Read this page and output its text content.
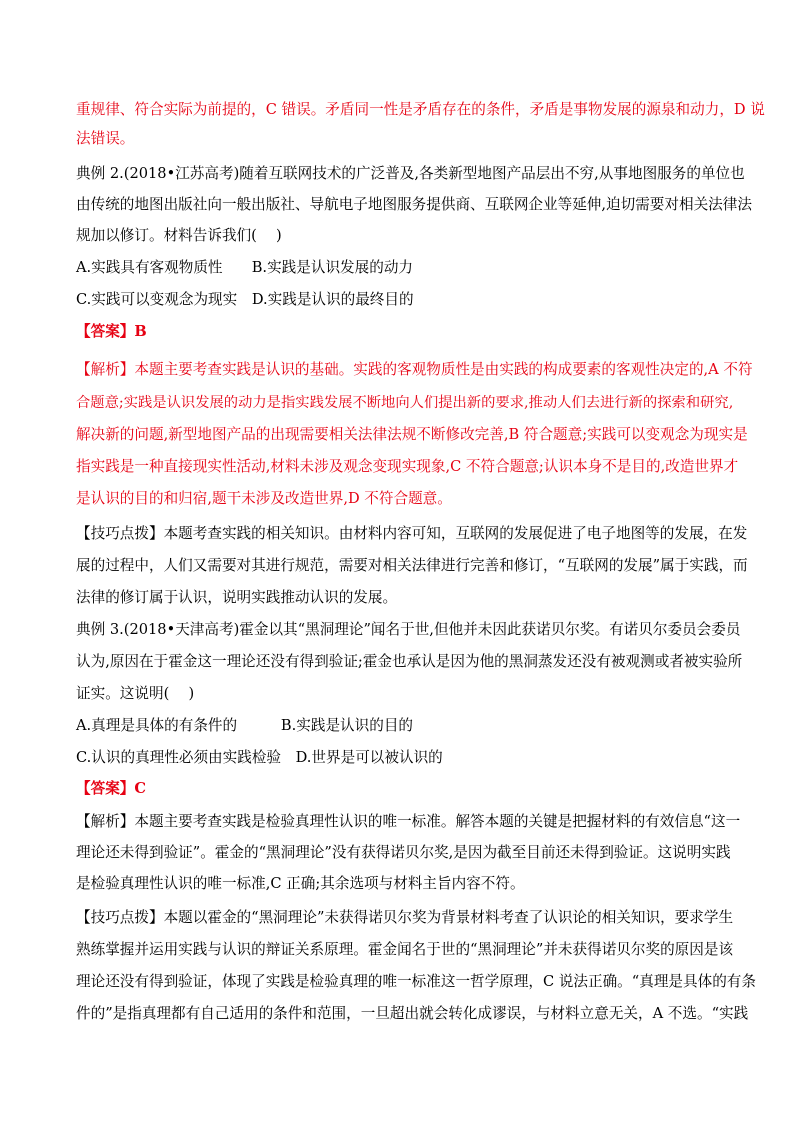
重规律、符合实际为前提的，C 错误。矛盾同一性是矛盾存在的条件，矛盾是事物发展的源泉和动力，D 说
法错误。
典例 2.(2018•江苏高考)随着互联网技术的广泛普及,各类新型地图产品层出不穷,从事地图服务的单位也
由传统的地图出版社向一般出版社、导航电子地图服务提供商、互联网企业等延伸,迫切需要对相关法律法
规加以修订。材料告诉我们(　 )
A.实践具有客观物质性　　B.实践是认识发展的动力
C.实践可以变观念为现实　D.实践是认识的最终目的
【答案】B
【解析】本题主要考查实践是认识的基础。实践的客观物质性是由实践的构成要素的客观性决定的,A 不符
合题意;实践是认识发展的动力是指实践发展不断地向人们提出新的要求,推动人们去进行新的探索和研究,
解决新的问题,新型地图产品的出现需要相关法律法规不断修改完善,B 符合题意;实践可以变观念为现实是
指实践是一种直接现实性活动,材料未涉及观念变现实现象,C 不符合题意;认识本身不是目的,改造世界才
是认识的目的和归宿,题干未涉及改造世界,D 不符合题意。
【技巧点拨】本题考查实践的相关知识。由材料内容可知，互联网的发展促进了电子地图等的发展，在发
展的过程中，人们又需要对其进行规范，需要对相关法律进行完善和修订，“互联网的发展”属于实践，而
法律的修订属于认识，说明实践推动认识的发展。
典例 3.(2018•天津高考)霍金以其“黑洞理论”闻名于世,但他并未因此获诺贝尔奖。有诺贝尔委员会委员
认为,原因在于霍金这一理论还没有得到验证;霍金也承认是因为他的黑洞蒸发还没有被观测或者被实验所
证实。这说明(　 )
A.真理是具体的有条件的　　　B.实践是认识的目的
C.认识的真理性必须由实践检验　D.世界是可以被认识的
【答案】C
【解析】本题主要考查实践是检验真理性认识的唯一标准。解答本题的关键是把握材料的有效信息“这一
理论还未得到验证”。霍金的“黑洞理论”没有获得诺贝尔奖,是因为截至目前还未得到验证。这说明实践
是检验真理性认识的唯一标准,C 正确;其余选项与材料主旨内容不符。
【技巧点拨】本题以霍金的“黑洞理论”未获得诺贝尔奖为背景材料考查了认识论的相关知识，要求学生
熟练掌握并运用实践与认识的辩证关系原理。霍金闻名于世的“黑洞理论”并未获得诺贝尔奖的原因是该
理论还没有得到验证，体现了实践是检验真理的唯一标准这一哲学原理，C 说法正确。“真理是具体的有条
件的”是指真理都有自己适用的条件和范围，一旦超出就会转化成谬误，与材料立意无关，A 不选。“实践
